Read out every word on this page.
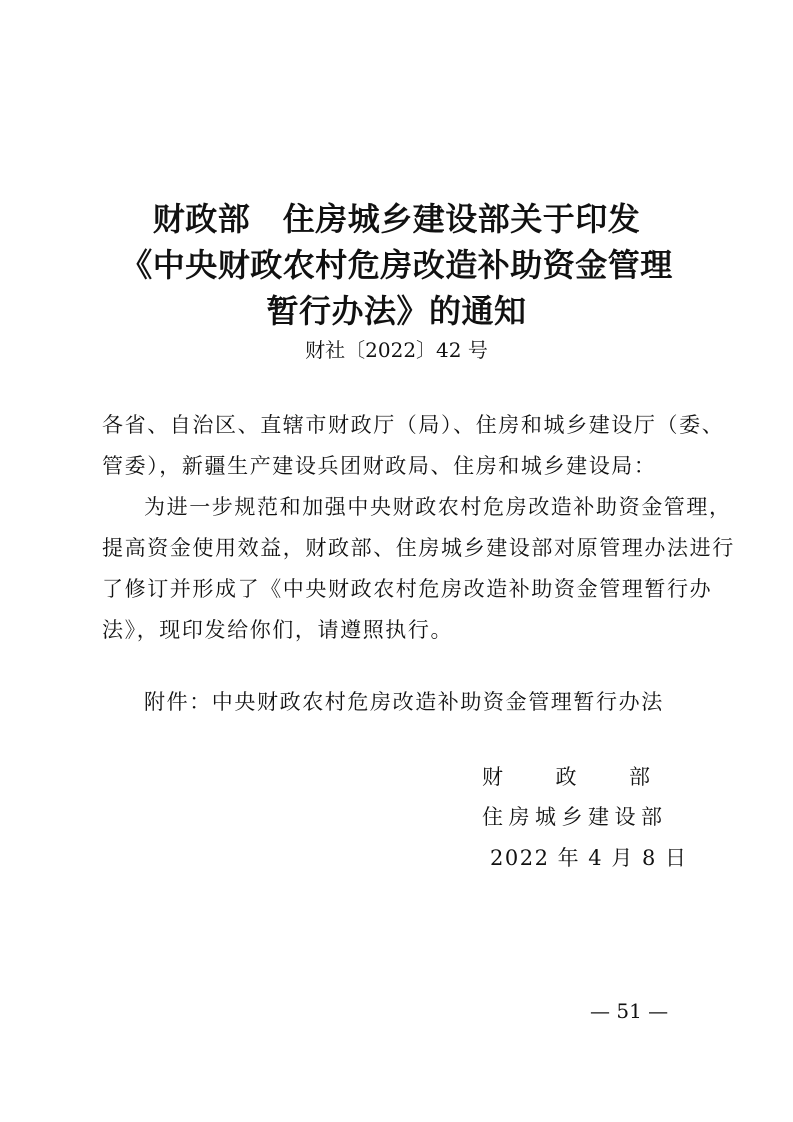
财政部　住房城乡建设部关于印发
《中央财政农村危房改造补助资金管理
暂行办法》的通知
财社〔2022〕42 号
各省、自治区、直辖市财政厅（局）、住房和城乡建设厅（委、
管委），新疆生产建设兵团财政局、住房和城乡建设局：
为进一步规范和加强中央财政农村危房改造补助资金管理，
提高资金使用效益，财政部、住房城乡建设部对原管理办法进行
了修订并形成了《中央财政农村危房改造补助资金管理暂行办
法》，现印发给你们，请遵照执行。
附件：中央财政农村危房改造补助资金管理暂行办法
财	政	部
住房城乡建设部
2022 年 4 月 8 日
— 51 —
